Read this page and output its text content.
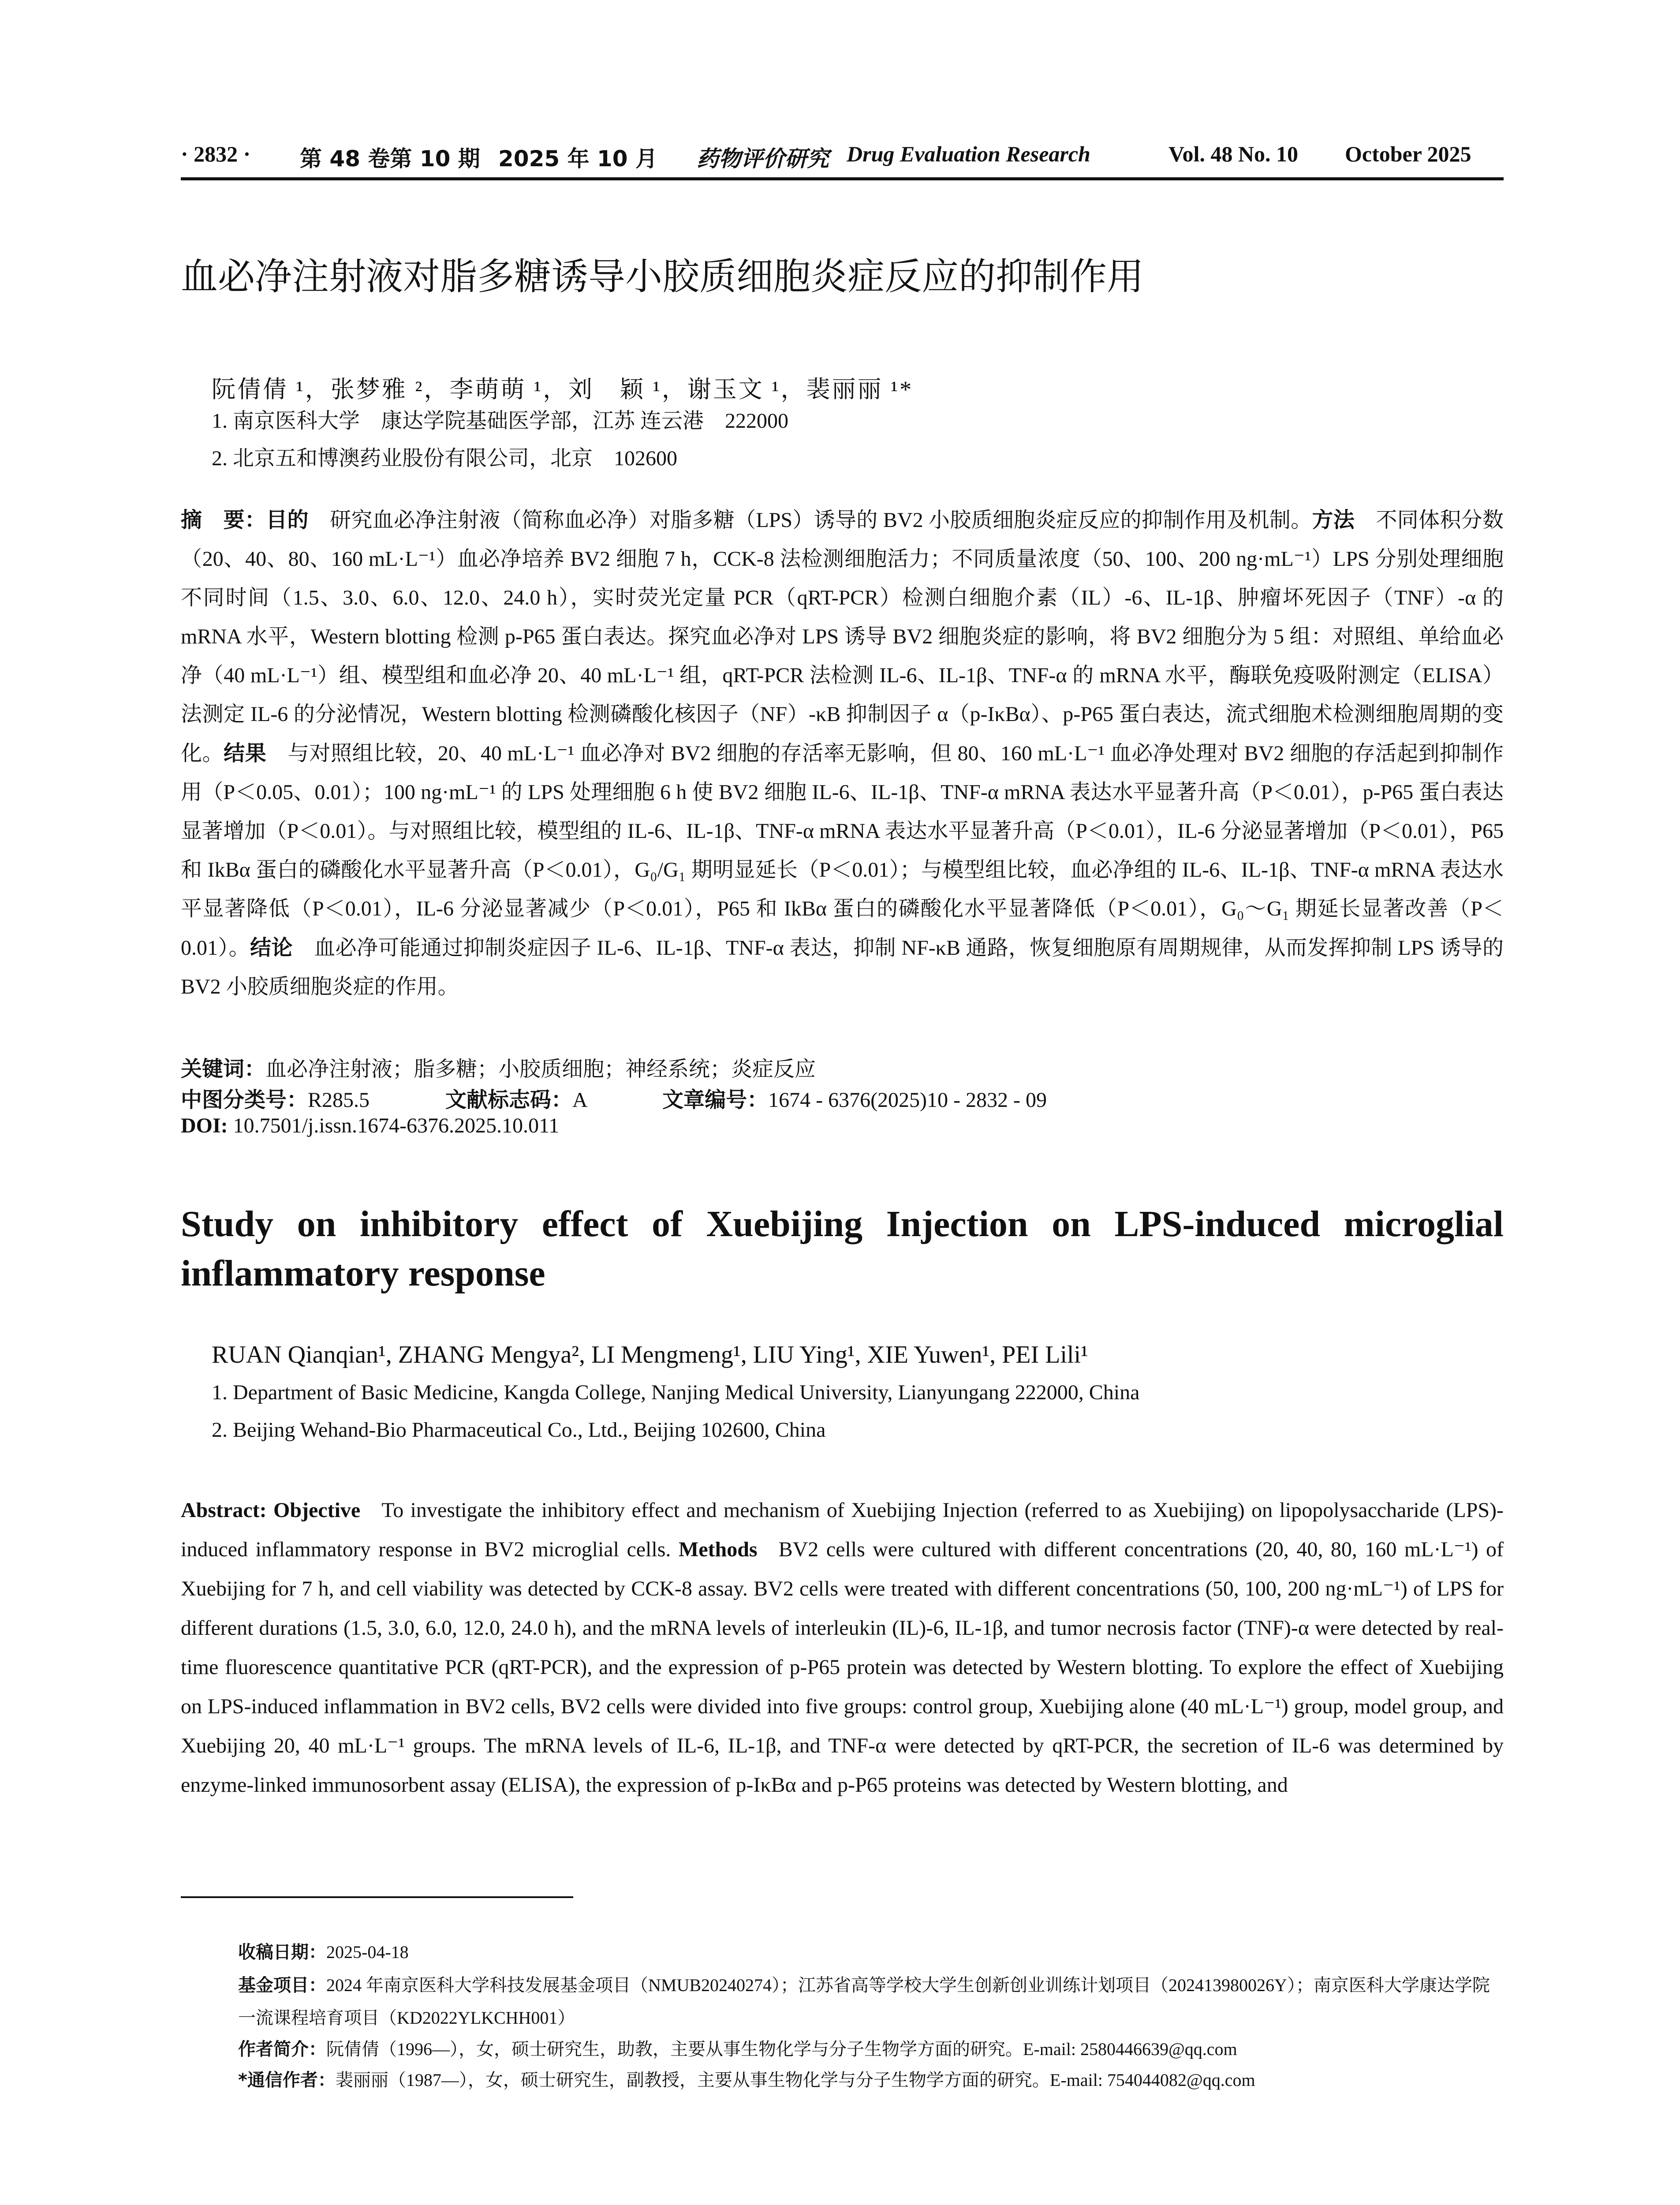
· 2832 · 第 48 卷第 10 期 2025 年 10 月 药物评价研究 Drug Evaluation Research	Vol. 48 No. 10 October 2025
血必净注射液对脂多糖诱导小胶质细胞炎症反应的抑制作用
阮倩倩 ¹，张梦雅 ²，李萌萌 ¹，刘　颖 ¹，谢玉文 ¹，裴丽丽 ¹*
1. 南京医科大学　康达学院基础医学部，江苏 连云港　222000
2. 北京五和博澳药业股份有限公司，北京　102600
摘　要：目的  研究血必净注射液（简称血必净）对脂多糖（LPS）诱导的 BV2 小胶质细胞炎症反应的抑制作用及机制。方法  不同体积分数（20、40、80、160 mL·L⁻¹）血必净培养 BV2 细胞 7 h，CCK-8 法检测细胞活力；不同质量浓度（50、100、200 ng·mL⁻¹）LPS 分别处理细胞不同时间（1.5、3.0、6.0、12.0、24.0 h），实时荧光定量 PCR（qRT-PCR）检测白细胞介素（IL）-6、IL-1β、肿瘤坏死因子（TNF）-α 的 mRNA 水平，Western blotting 检测 p-P65 蛋白表达。探究血必净对 LPS 诱导 BV2 细胞炎症的影响，将 BV2 细胞分为 5 组：对照组、单给血必净（40 mL·L⁻¹）组、模型组和血必净 20、40 mL·L⁻¹ 组，qRT-PCR 法检测 IL-6、IL-1β、TNF-α 的 mRNA 水平，酶联免疫吸附测定（ELISA）法测定 IL-6 的分泌情况，Western blotting 检测磷酸化核因子（NF）-κB 抑制因子 α（p-IκBα）、p-P65 蛋白表达，流式细胞术检测细胞周期的变化。结果  与对照组比较，20、40 mL·L⁻¹ 血必净对 BV2 细胞的存活率无影响，但 80、160 mL·L⁻¹ 血必净处理对 BV2 细胞的存活起到抑制作用（P＜0.05、0.01）；100 ng·mL⁻¹ 的 LPS 处理细胞 6 h 使 BV2 细胞 IL-6、IL-1β、TNF-α mRNA 表达水平显著升高（P＜0.01），p-P65 蛋白表达显著增加（P＜0.01）。与对照组比较，模型组的 IL-6、IL-1β、TNF-α mRNA 表达水平显著升高（P＜0.01），IL-6 分泌显著增加（P＜0.01），P65 和 IkBα 蛋白的磷酸化水平显著升高（P＜0.01），G₀/G₁ 期明显延长（P＜0.01）；与模型组比较，血必净组的 IL-6、IL-1β、TNF-α mRNA 表达水平显著降低（P＜0.01），IL-6 分泌显著减少（P＜0.01），P65 和 IkBα 蛋白的磷酸化水平显著降低（P＜0.01），G₀～G₁ 期延长显著改善（P＜0.01）。结论  血必净可能通过抑制炎症因子 IL-6、IL-1β、TNF-α 表达，抑制 NF-κB 通路，恢复细胞原有周期规律，从而发挥抑制 LPS 诱导的 BV2 小胶质细胞炎症的作用。
关键词：血必净注射液；脂多糖；小胶质细胞；神经系统；炎症反应
中图分类号：R285.5	文献标志码：A	文章编号：1674 - 6376(2025)10 - 2832 - 09
DOI: 10.7501/j.issn.1674-6376.2025.10.011
Study on inhibitory effect of Xuebijing Injection on LPS-induced microglial inflammatory response
RUAN Qianqian¹, ZHANG Mengya², LI Mengmeng¹, LIU Ying¹, XIE Yuwen¹, PEI Lili¹
1. Department of Basic Medicine, Kangda College, Nanjing Medical University, Lianyungang 222000, China
2. Beijing Wehand-Bio Pharmaceutical Co., Ltd., Beijing 102600, China
Abstract: Objective  To investigate the inhibitory effect and mechanism of Xuebijing Injection (referred to as Xuebijing) on lipopolysaccharide (LPS)-induced inflammatory response in BV2 microglial cells. Methods  BV2 cells were cultured with different concentrations (20, 40, 80, 160 mL·L⁻¹) of Xuebijing for 7 h, and cell viability was detected by CCK-8 assay. BV2 cells were treated with different concentrations (50, 100, 200 ng·mL⁻¹) of LPS for different durations (1.5, 3.0, 6.0, 12.0, 24.0 h), and the mRNA levels of interleukin (IL)-6, IL-1β, and tumor necrosis factor (TNF)-α were detected by real-time fluorescence quantitative PCR (qRT-PCR), and the expression of p-P65 protein was detected by Western blotting. To explore the effect of Xuebijing on LPS-induced inflammation in BV2 cells, BV2 cells were divided into five groups: control group, Xuebijing alone (40 mL·L⁻¹) group, model group, and Xuebijing 20, 40 mL·L⁻¹ groups. The mRNA levels of IL-6, IL-1β, and TNF-α were detected by qRT-PCR, the secretion of IL-6 was determined by enzyme-linked immunosorbent assay (ELISA), the expression of p-IκBα and p-P65 proteins was detected by Western blotting, and
收稿日期：2025-04-18
基金项目：2024 年南京医科大学科技发展基金项目（NMUB20240274）；江苏省高等学校大学生创新创业训练计划项目（202413980026Y）；南京医科大学康达学院一流课程培育项目（KD2022YLKCHH001）
作者简介：阮倩倩（1996—），女，硕士研究生，助教，主要从事生物化学与分子生物学方面的研究。E-mail: 2580446639@qq.com
*通信作者：裴丽丽（1987—），女，硕士研究生，副教授，主要从事生物化学与分子生物学方面的研究。E-mail: 754044082@qq.com
